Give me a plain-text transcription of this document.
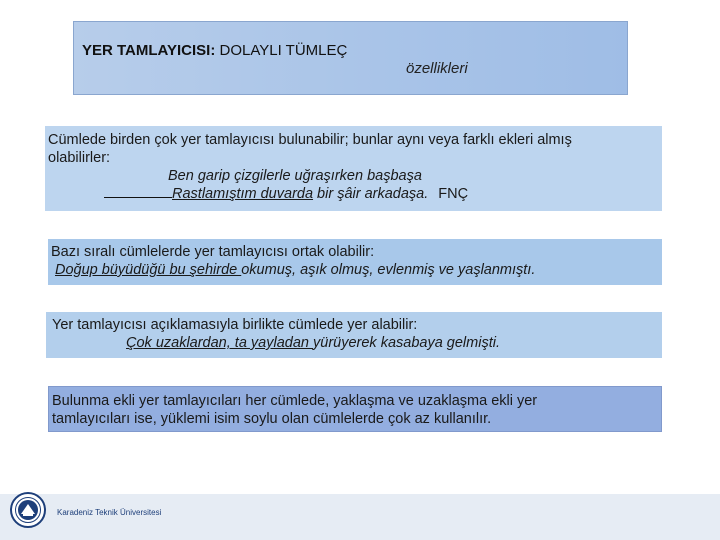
YER TAMLAYICISI: DOLAYLI TÜMLEÇ
özellikleri
Cümlede birden çok yer tamlayıcısı bulunabilir; bunlar aynı veya farklı ekleri almış
olabilirler:
Ben garip çizgilerle uğraşırken başbaşa
Rastlamıştım duvarda bir şâir arkadaşa. FNÇ
Bazı sıralı cümlelerde yer tamlayıcısı ortak olabilir:
Doğup büyüdüğü bu şehirde okumuş, aşık olmuş, evlenmiş ve yaşlanmıştı.
Yer tamlayıcısı açıklamasıyla birlikte cümlede yer alabilir:
Çok uzaklardan, ta yayladan yürüyerek kasabaya gelmişti.
Bulunma ekli yer tamlayıcıları her cümlede, yaklaşma ve uzaklaşma ekli yer
tamlayıcıları ise, yüklemi isim soylu olan cümlelerde çok az kullanılır.
Karadeniz Teknik Üniversitesi
